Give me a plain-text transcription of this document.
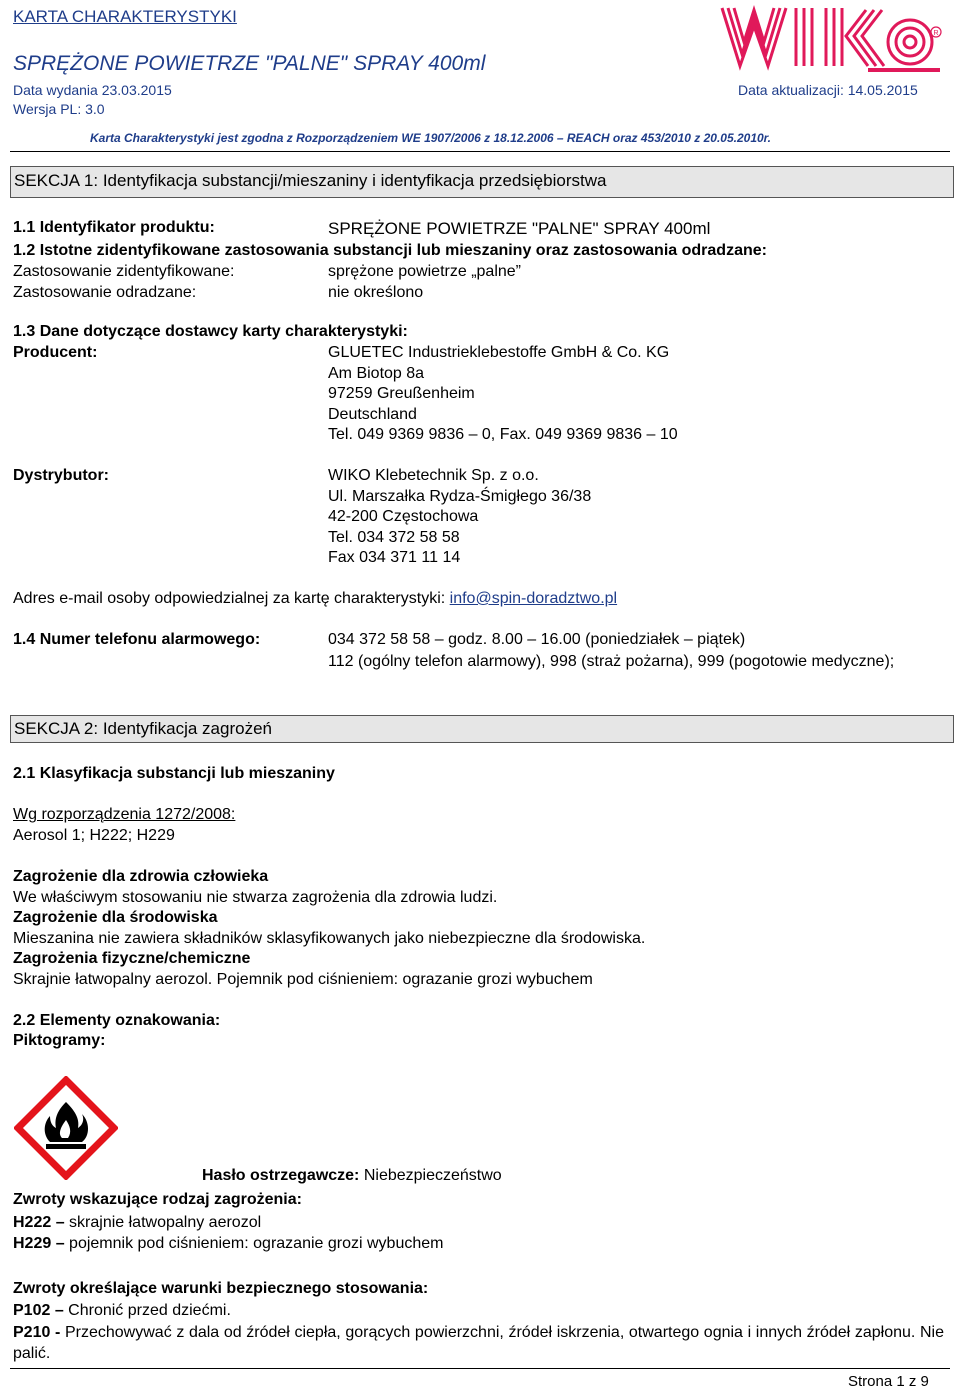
KARTA CHARAKTERYSTYKI
SPRĘŻONE POWIETRZE "PALNE" SPRAY 400ml
Data wydania 23.03.2015	Data aktualizacji: 14.05.2015
Wersja PL: 3.0
Karta Charakterystyki jest zgodna z Rozporządzeniem WE 1907/2006 z 18.12.2006 – REACH oraz 453/2010 z 20.05.2010r.
R
SEKCJA 1: Identyfikacja substancji/mieszaniny i identyfikacja przedsiębiorstwa
1.1 Identyfikator produktu:	SPRĘŻONE POWIETRZE "PALNE" SPRAY 400ml
1.2 Istotne zidentyfikowane zastosowania substancji lub mieszaniny oraz zastosowania odradzane:
Zastosowanie zidentyfikowane:	sprężone powietrze „palne”
Zastosowanie odradzane:	nie określono
1.3 Dane dotyczące dostawcy karty charakterystyki:
Producent:	GLUETEC Industrieklebestoffe GmbH & Co. KG
Am Biotop 8a
97259 Greußenheim
Deutschland
Tel. 049 9369 9836 – 0, Fax. 049 9369 9836 – 10
Dystrybutor:	WIKO Klebetechnik Sp. z o.o.
Ul. Marszałka Rydza-Śmigłego 36/38
42-200 Częstochowa
Tel. 034 372 58 58
Fax 034 371 11 14
Adres e-mail osoby odpowiedzialnej za kartę charakterystyki: info@spin-doradztwo.pl
1.4 Numer telefonu alarmowego:	034 372 58 58 – godz. 8.00 – 16.00 (poniedziałek – piątek)
112 (ogólny telefon alarmowy), 998 (straż pożarna), 999 (pogotowie medyczne);
SEKCJA 2: Identyfikacja zagrożeń
2.1 Klasyfikacja substancji lub mieszaniny
Wg rozporządzenia 1272/2008:
Aerosol 1; H222; H229
Zagrożenie dla zdrowia człowieka
We właściwym stosowaniu nie stwarza zagrożenia dla zdrowia ludzi.
Zagrożenie dla środowiska
Mieszanina nie zawiera składników sklasyfikowanych jako niebezpieczne dla środowiska.
Zagrożenia fizyczne/chemiczne
Skrajnie łatwopalny aerozol. Pojemnik pod ciśnieniem: ograzanie grozi wybuchem
2.2 Elementy oznakowania:
Piktogramy:
Hasło ostrzegawcze: Niebezpieczeństwo
Zwroty wskazujące rodzaj zagrożenia:
H222 – skrajnie łatwopalny aerozol
H229 – pojemnik pod ciśnieniem: ograzanie grozi wybuchem
Zwroty określające warunki bezpiecznego stosowania:
P102 – Chronić przed dziećmi.
P210 - Przechowywać z dala od źródeł ciepła, gorących powierzchni, źródeł iskrzenia, otwartego ognia i innych źródeł zapłonu. Nie palić.
Strona 1 z 9
